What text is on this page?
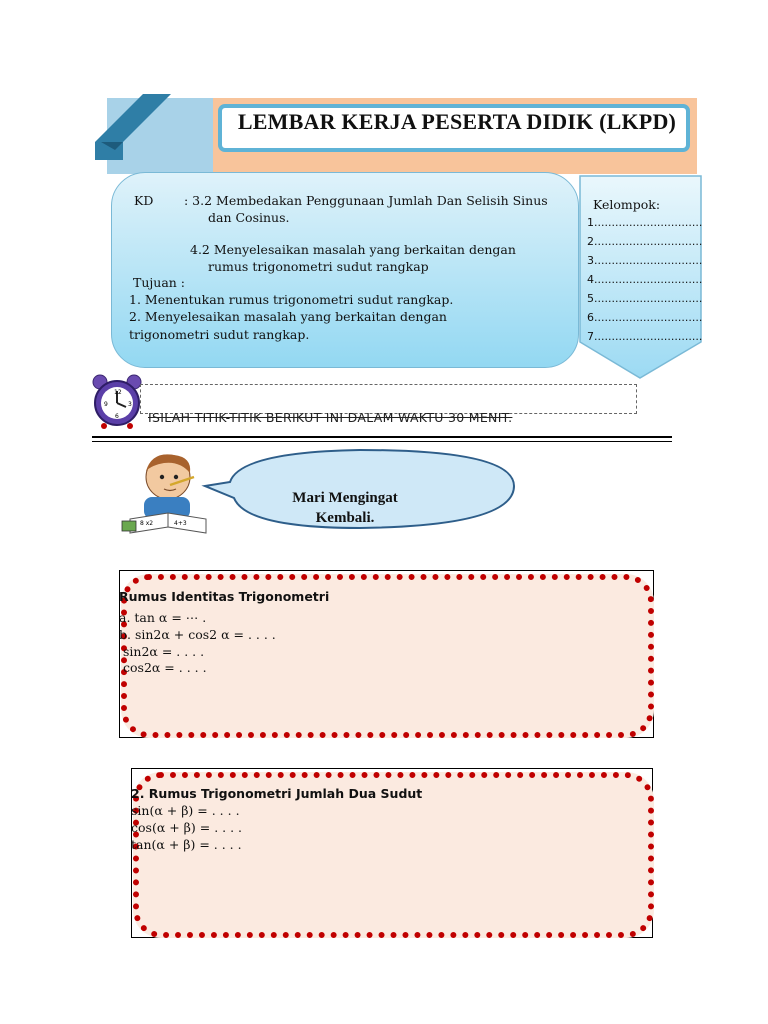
LEMBAR KERJA PESERTA DIDIK (LKPD)
KD : 3.2 Membedakan Penggunaan Jumlah Dan Selisih Sinus
dan Cosinus.
4.2 Menyelesaikan masalah yang berkaitan dengan
rumus trigonometri sudut rangkap
Tujuan :
1. Menentukan rumus trigonometri sudut rangkap.
2. Menyelesaikan masalah yang berkaitan dengan
trigonometri sudut rangkap.
Kelompok:
1...............................
2...............................
3...............................
4...............................
5...............................
6...............................
7...............................
12
3
6
9
ISILAH TITIK-TITIK BERIKUT INI DALAM WAKTU 30 MENIT.
8 x2	4+3
Mari Mengingat
Kembali.
Rumus Identitas Trigonometri
a. tan α = ⋯ .
b. sin2α + cos2 α = . . . .
sin2α = . . . .
cos2α = . . . .
2. Rumus Trigonometri Jumlah Dua Sudut
sin(α + β) = . . . .
cos(α + β) = . . . .
tan(α + β) = . . . .
